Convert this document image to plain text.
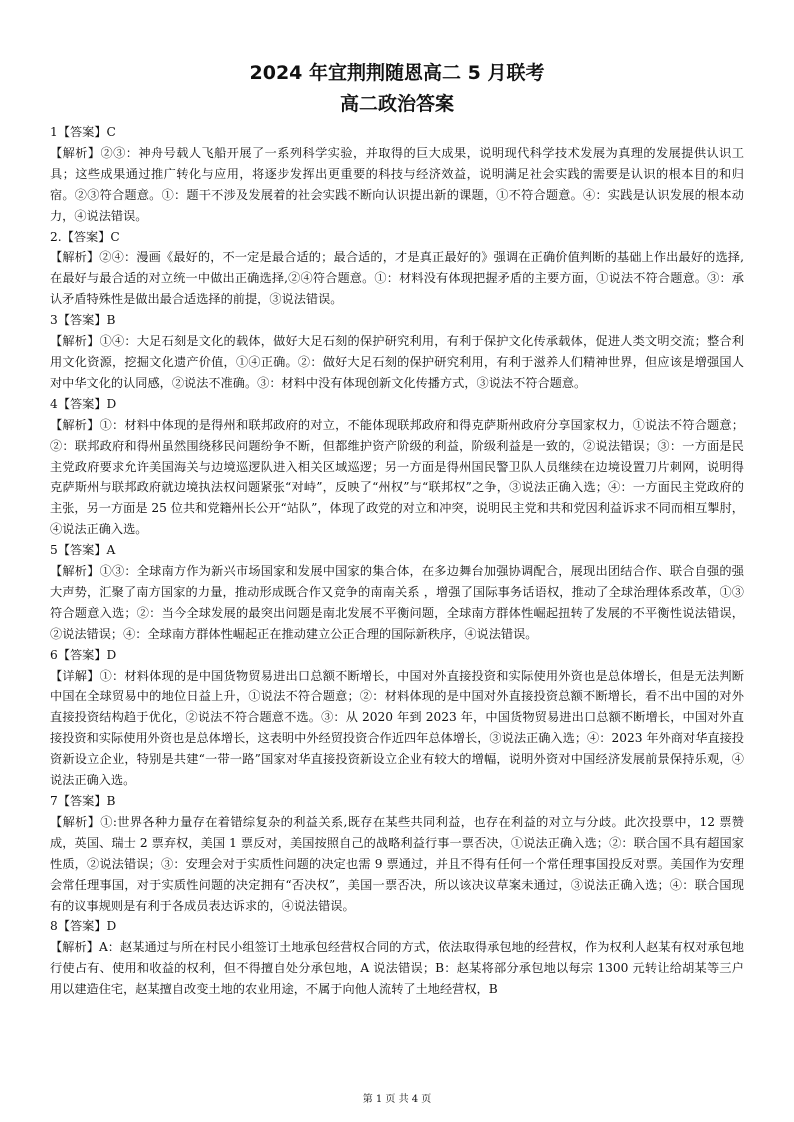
2024 年宜荆荆随恩高二 5 月联考
高二政治答案

1【答案】C

【解析】②③：神舟号载人飞船开展了一系列科学实验，并取得的巨大成果，说明现代科学技术发展为真理的发展提供认识工具；这些成果通过推广转化与应用，将逐步发挥出更重要的科技与经济效益，说明满足社会实践的需要是认识的根本目的和归宿。②③符合题意。①：题干不涉及发展着的社会实践不断向认识提出新的课题，①不符合题意。④：实践是认识发展的根本动力，④说法错误。

2.【答案】C

【解析】②④：漫画《最好的，不一定是最合适的；最合适的，才是真正最好的》强调在正确价值判断的基础上作出最好的选择,在最好与最合适的对立统一中做出正确选择,②④符合题意。①：材料没有体现把握矛盾的主要方面，①说法不符合题意。③：承认矛盾特殊性是做出最合适选择的前提，③说法错误。

3【答案】B

【解析】①④：大足石刻是文化的载体，做好大足石刻的保护研究利用，有利于保护文化传承载体，促进人类文明交流；整合利用文化资源，挖掘文化遗产价值，①④正确。②：做好大足石刻的保护研究利用，有利于滋养人们精神世界，但应该是增强国人对中华文化的认同感，②说法不准确。③：材料中没有体现创新文化传播方式，③说法不符合题意。

4【答案】D

【解析】①：材料中体现的是得州和联邦政府的对立，不能体现联邦政府和得克萨斯州政府分享国家权力，①说法不符合题意；②：联邦政府和得州虽然围绕移民问题纷争不断，但都维护资产阶级的利益，阶级利益是一致的，②说法错误；③：一方面是民主党政府要求允许美国海关与边境巡逻队进入相关区域巡逻；另一方面是得州国民警卫队人员继续在边境设置刀片刺网，说明得克萨斯州与联邦政府就边境执法权问题紧张“对峙”，反映了“州权”与“联邦权”之争，③说法正确入选；④：一方面民主党政府的主张，另一方面是 25 位共和党籍州长公开“站队”，体现了政党的对立和冲突，说明民主党和共和党因利益诉求不同而相互掣肘，④说法正确入选。

5【答案】A

【解析】①③：全球南方作为新兴市场国家和发展中国家的集合体，在多边舞台加强协调配合，展现出团结合作、联合自强的强大声势，汇聚了南方国家的力量，推动形成既合作又竞争的南南关系 ，增强了国际事务话语权，推动了全球治理体系改革，①③符合题意入选；②：当今全球发展的最突出问题是南北发展不平衡问题，全球南方群体性崛起扭转了发展的不平衡性说法错误，②说法错误；④：全球南方群体性崛起正在推动建立公正合理的国际新秩序，④说法错误。

6【答案】D

【详解】①：材料体现的是中国货物贸易进出口总额不断增长，中国对外直接投资和实际使用外资也是总体增长，但是无法判断中国在全球贸易中的地位日益上升，①说法不符合题意；②：材料体现的是中国对外直接投资总额不断增长，看不出中国的对外直接投资结构趋于优化，②说法不符合题意不选。③：从 2020 年到 2023 年，中国货物贸易进出口总额不断增长，中国对外直接投资和实际使用外资也是总体增长，这表明中外经贸投资合作近四年总体增长，③说法正确入选；④：2023 年外商对华直接投资新设立企业，特别是共建“一带一路”国家对华直接投资新设立企业有较大的增幅，说明外资对中国经济发展前景保持乐观，④说法正确入选。

7【答案】B

【解析】①:世界各种力量存在着错综复杂的利益关系,既存在某些共同利益，也存在利益的对立与分歧。此次投票中，12 票赞成，英国、瑞士 2 票弃权，美国 1 票反对，美国按照自己的战略利益行事一票否决，①说法正确入选；②：联合国不具有超国家性质，②说法错误；③：安理会对于实质性问题的决定也需 9 票通过，并且不得有任何一个常任理事国投反对票。美国作为安理会常任理事国，对于实质性问题的决定拥有“否决权”，美国一票否决，所以该决议草案未通过，③说法正确入选；④：联合国现有的议事规则是有利于各成员表达诉求的，④说法错误。

8【答案】D

【解析】A：赵某通过与所在村民小组签订土地承包经营权合同的方式，依法取得承包地的经营权，作为权利人赵某有权对承包地行使占有、使用和收益的权利，但不得擅自处分承包地，A 说法错误；B：赵某将部分承包地以每宗 1300 元转让给胡某等三户用以建造住宅，赵某擅自改变土地的农业用途，不属于向他人流转了土地经营权，B

第 1 页 共 4 页
